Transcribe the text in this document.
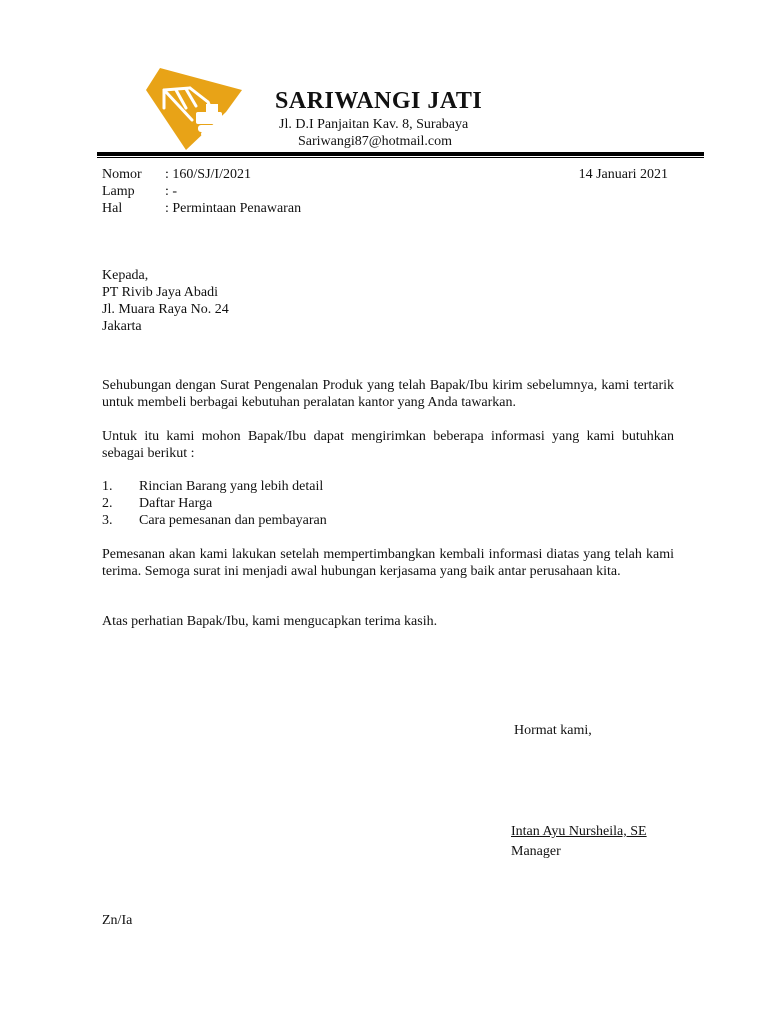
SARIWANGI JATI
Jl. D.I Panjaitan Kav. 8, Surabaya
Sariwangi87@hotmail.com
Nomor : 160/SJ/I/2021	14 Januari 2021
Lamp : -
Hal	: Permintaan Penawaran
Kepada,
PT Rivib Jaya Abadi
Jl. Muara Raya No. 24
Jakarta
Sehubungan dengan Surat Pengenalan Produk yang telah Bapak/Ibu kirim sebelumnya, kami tertarik untuk membeli berbagai kebutuhan peralatan kantor yang Anda tawarkan.
Untuk itu kami mohon Bapak/Ibu dapat mengirimkan beberapa informasi yang kami butuhkan sebagai berikut :
1. Rincian Barang yang lebih detail
2. Daftar Harga
3. Cara pemesanan dan pembayaran
Pemesanan akan kami lakukan setelah mempertimbangkan kembali informasi diatas yang telah kami terima. Semoga surat ini menjadi awal hubungan kerjasama yang baik antar perusahaan kita.
Atas perhatian Bapak/Ibu, kami mengucapkan terima kasih.
Hormat kami,
Intan Ayu Nursheila, SE
Manager
Zn/Ia
